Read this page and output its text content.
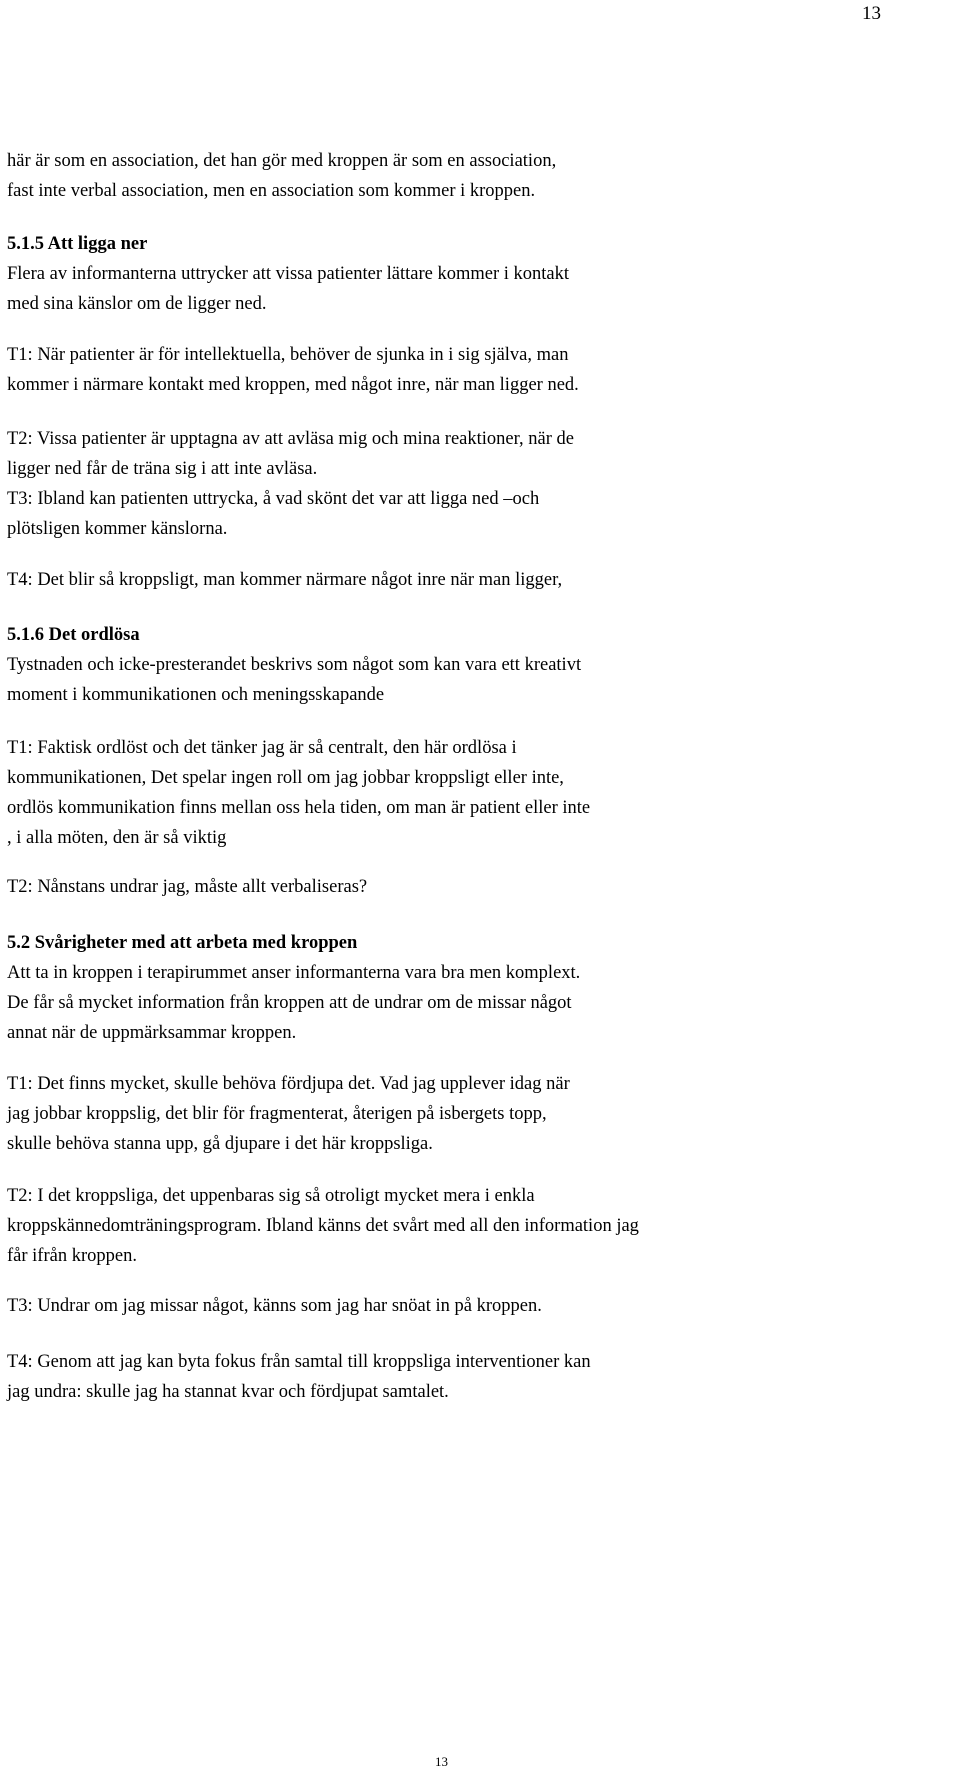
13
här är som en association, det han gör med kroppen är som en association,
fast inte verbal association, men en association som kommer i kroppen.
5.1.5 Att ligga ner
Flera av informanterna uttrycker att vissa patienter lättare kommer i kontakt
med sina känslor om de ligger ned.
T1: När patienter är för intellektuella, behöver de sjunka in i sig själva, man
kommer i närmare kontakt med kroppen, med något inre, när man ligger ned.
T2: Vissa patienter är upptagna av att avläsa mig och mina reaktioner, när de
ligger ned får de träna sig i att inte avläsa.
T3: Ibland kan patienten uttrycka, å vad skönt det var att ligga ned –och
plötsligen kommer känslorna.
T4: Det blir så kroppsligt, man kommer närmare något inre när man ligger,
5.1.6 Det ordlösa
Tystnaden och icke-presterandet beskrivs som något som kan vara ett kreativt
moment i kommunikationen och meningsskapande
T1: Faktisk ordlöst och det tänker jag är så centralt, den här ordlösa i
kommunikationen, Det spelar ingen roll om jag jobbar kroppsligt eller inte,
ordlös kommunikation finns mellan oss hela tiden, om man är patient eller inte
, i alla möten, den är så viktig
T2: Nånstans undrar jag, måste allt verbaliseras?
5.2 Svårigheter med att arbeta med kroppen
Att ta in kroppen i terapirummet anser informanterna vara bra men komplext.
De får så mycket information från kroppen att de undrar om de missar något
annat när de uppmärksammar kroppen.
T1: Det finns mycket, skulle behöva fördjupa det. Vad jag upplever idag när
jag jobbar kroppslig, det blir för fragmenterat, återigen på isbergets topp,
skulle behöva stanna upp, gå djupare i det här kroppsliga.
T2: I det kroppsliga, det uppenbaras sig så otroligt mycket mera i enkla
kroppskännedomträningsprogram. Ibland känns det svårt med all den information jag
får ifrån kroppen.
T3: Undrar om jag missar något, känns som jag har snöat in på kroppen.
T4: Genom att jag kan byta fokus från samtal till kroppsliga interventioner kan
jag undra: skulle jag ha stannat kvar och fördjupat samtalet.
13
